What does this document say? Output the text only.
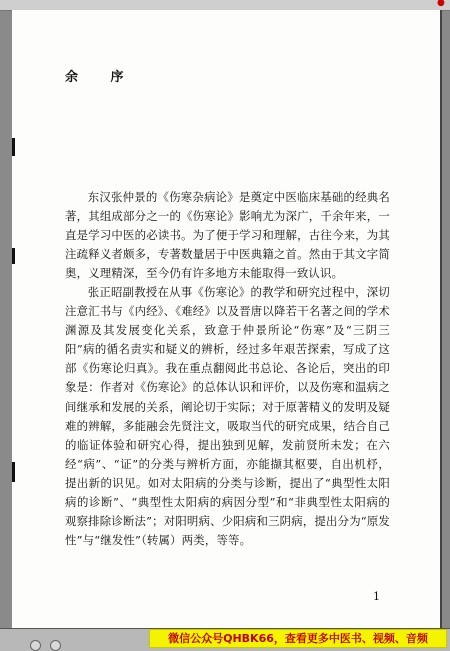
●
余 序

东汉张仲景的《伤寒杂病论》是奠定中医临床基础的经典名著，其组成部分之一的《伤寒论》影响尤为深广，千余年来，一直是学习中医的必读书。为了便于学习和理解，古往今来，为其注疏释义者颇多，专著数量居于中医典籍之首。然由于其文字简奥，义理精深，至今仍有许多地方未能取得一致认识。

张正昭副教授在从事《伤寒论》的教学和研究过程中，深切注意汇书与《内经》、《难经》以及晋唐以降若干名著之间的学术渊源及其发展变化关系，致意于仲景所论“伤寒”及“三阴三阳”病的循名责实和疑义的辨析，经过多年艰苦探索，写成了这部《伤寒论归真》。我在重点翻阅此书总论、各论后，突出的印象是：作者对《伤寒论》的总体认识和评价，以及伤寒和温病之间继承和发展的关系，阐论切于实际；对于原著精义的发明及疑难的辨解，多能融会先贤注文，吸取当代的研究成果，结合自己的临证体验和研究心得，提出独到见解，发前贤所未发；在六经“病”、“证”的分类与辨析方面，亦能撷其枢要，自出机杼，提出新的识见。如对太阳病的分类与诊断，提出了“典型性太阳病的诊断”、“典型性太阳病的病因分型”和“非典型性太阳病的观察排除诊断法”；对阳明病、少阳病和三阴病，提出分为“原发性”与“继发性”（转属）两类，等等。

1
微信公众号QHBK66，查看更多中医书、视频、音频
